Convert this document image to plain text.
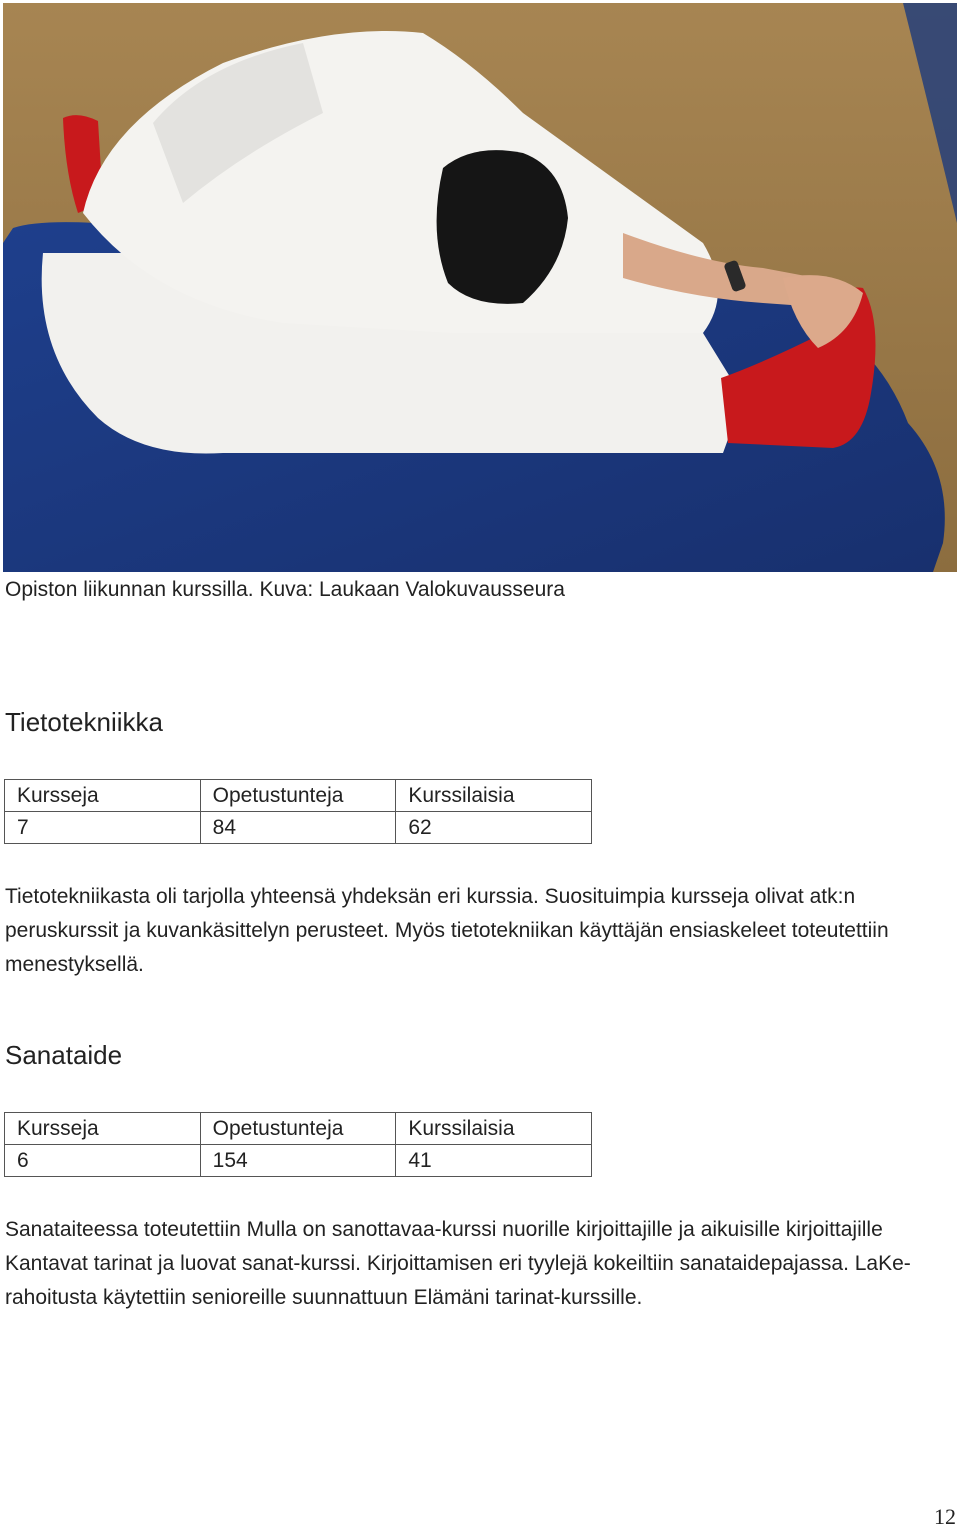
Opiston liikunnan kurssilla. Kuva: Laukaan Valokuvausseura
Tietotekniikka
Kursseja	Opetustunteja	Kurssilaisia
7	84	62

Tietotekniikasta oli tarjolla yhteensä yhdeksän eri kurssia. Suosituimpia kursseja olivat atk:n peruskurssit ja kuvankäsittelyn perusteet. Myös tietotekniikan käyttäjän ensiaskeleet toteutettiin menestyksellä.

Sanataide
Kursseja	Opetustunteja	Kurssilaisia
6	154	41

Sanataiteessa toteutettiin Mulla on sanottavaa-kurssi nuorille kirjoittajille ja aikuisille kirjoittajille Kantavat tarinat ja luovat sanat-kurssi. Kirjoittamisen eri tyylejä kokeiltiin sanataidepajassa. LaKe-rahoitusta käytettiin senioreille suunnattuun Elämäni tarinat-kurssille.

12
